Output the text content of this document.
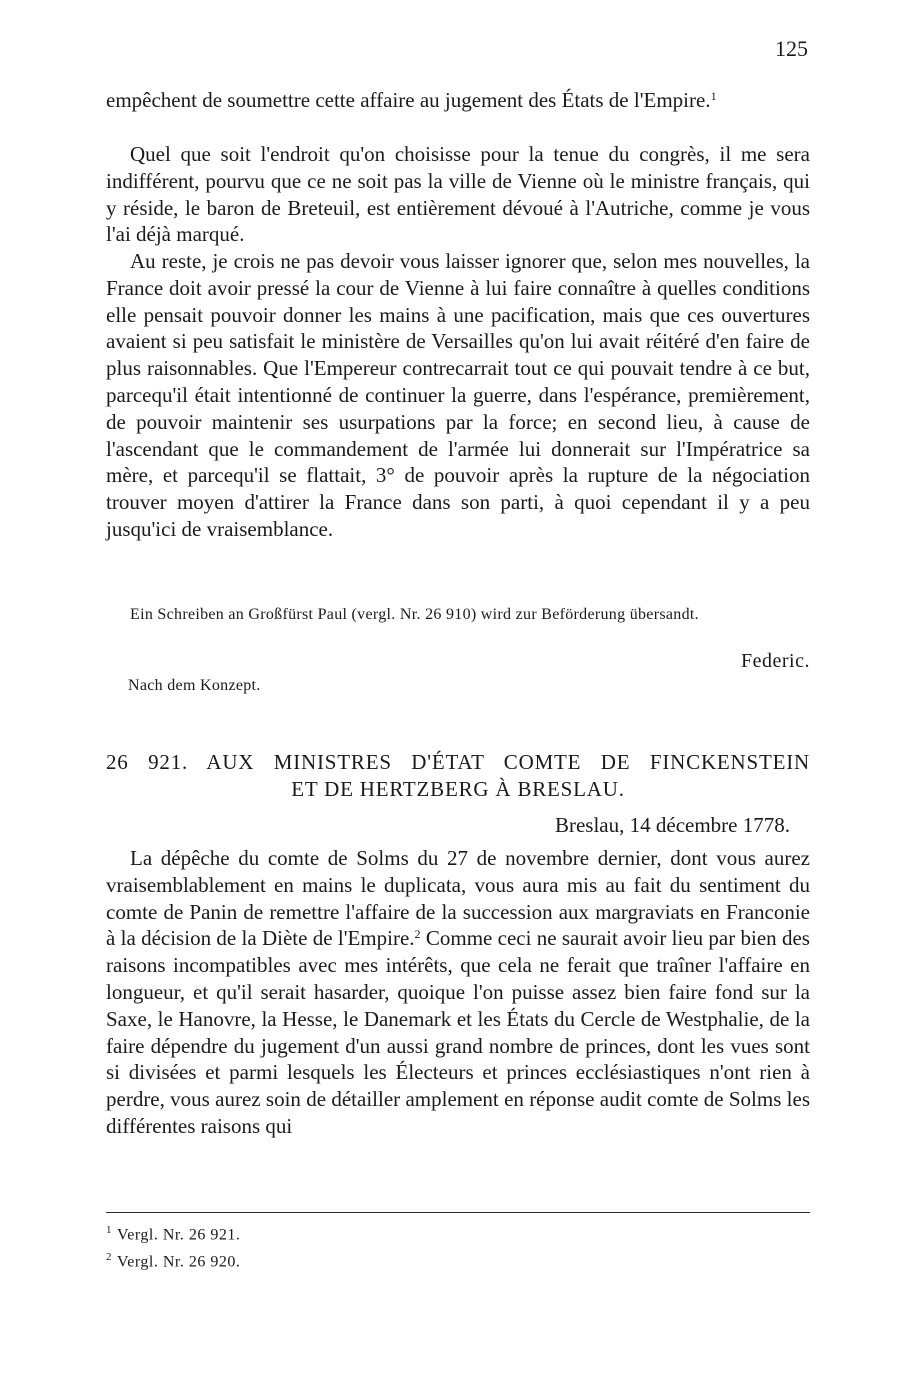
125

empêchent de soumettre cette affaire au jugement des États de l'Empire.$^1$

Quel que soit l'endroit qu'on choisisse pour la tenue du congrès, il me sera indifférent, pourvu que ce ne soit pas la ville de Vienne où le ministre français, qui y réside, le baron de Breteuil, est entièrement dévoué à l'Autriche, comme je vous l'ai déjà marqué.
Au reste, je crois ne pas devoir vous laisser ignorer que, selon mes nouvelles, la France doit avoir pressé la cour de Vienne à lui faire connaître à quelles conditions elle pensait pouvoir donner les mains à une pacification, mais que ces ouvertures avaient si peu satisfait le ministère de Versailles qu'on lui avait réitéré d'en faire de plus raisonnables. Que l'Empereur contrecarrait tout ce qui pouvait tendre à ce but, parcequ'il était intentionné de continuer la guerre, dans l'espérance, premièrement, de pouvoir maintenir ses usurpations par la force; en second lieu, à cause de l'ascendant que le commandement de l'armée lui donnerait sur l'Impératrice sa mère, et parcequ'il se flattait, 3° de pouvoir après la rupture de la négociation trouver moyen d'attirer la France dans son parti, à quoi cependant il y a peu jusqu'ici de vraisemblance.
Ein Schreiben an Großfürst Paul (vergl. Nr. 26 910) wird zur Beförderung übersandt.
Federic.
Nach dem Konzept.
26 921. AUX MINISTRES D'ÉTAT COMTE DE FINCKENSTEIN
ET DE HERTZBERG À BRESLAU.
Breslau, 14 décembre 1778.
La dépêche du comte de Solms du 27 de novembre dernier, dont vous aurez vraisemblablement en mains le duplicata, vous aura mis au fait du sentiment du comte de Panin de remettre l'affaire de la succession aux margraviats en Franconie à la décision de la Diète de l'Empire.$^2$ Comme ceci ne saurait avoir lieu par bien des raisons incompatibles avec mes intérêts, que cela ne ferait que traîner l'affaire en longueur, et qu'il serait hasarder, quoique l'on puisse assez bien faire fond sur la Saxe, le Hanovre, la Hesse, le Danemark et les États du Cercle de Westphalie, de la faire dépendre du jugement d'un aussi grand nombre de princes, dont les vues sont si divisées et parmi lesquels les Électeurs et princes ecclésiastiques n'ont rien à perdre, vous aurez soin de détailler amplement en réponse audit comte de Solms les différentes raisons qui
$^1$ Vergl. Nr. 26 921.
$^2$ Vergl. Nr. 26 920.
